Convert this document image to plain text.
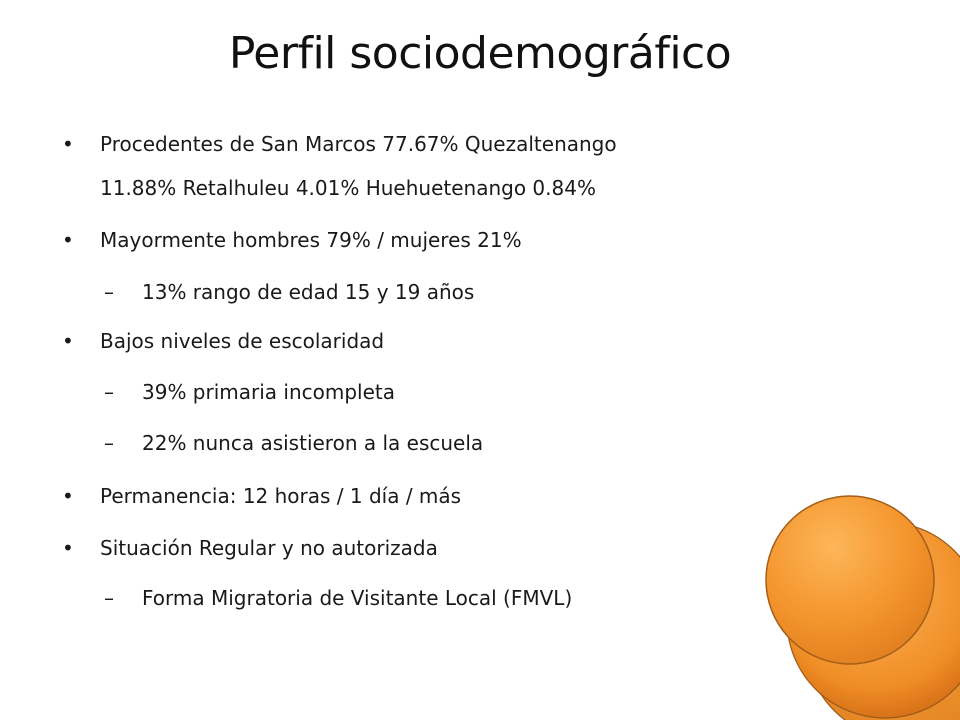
Perfil sociodemográfico
• Procedentes de San Marcos 77.67% Quezaltenango
11.88% Retalhuleu 4.01% Huehuetenango 0.84%
• Mayormente hombres 79% / mujeres 21%
– 13% rango de edad 15 y 19 años
• Bajos niveles de escolaridad
– 39% primaria incompleta
– 22% nunca asistieron a la escuela
• Permanencia: 12 horas / 1 día / más
• Situación Regular y no autorizada
– Forma Migratoria de Visitante Local (FMVL)
